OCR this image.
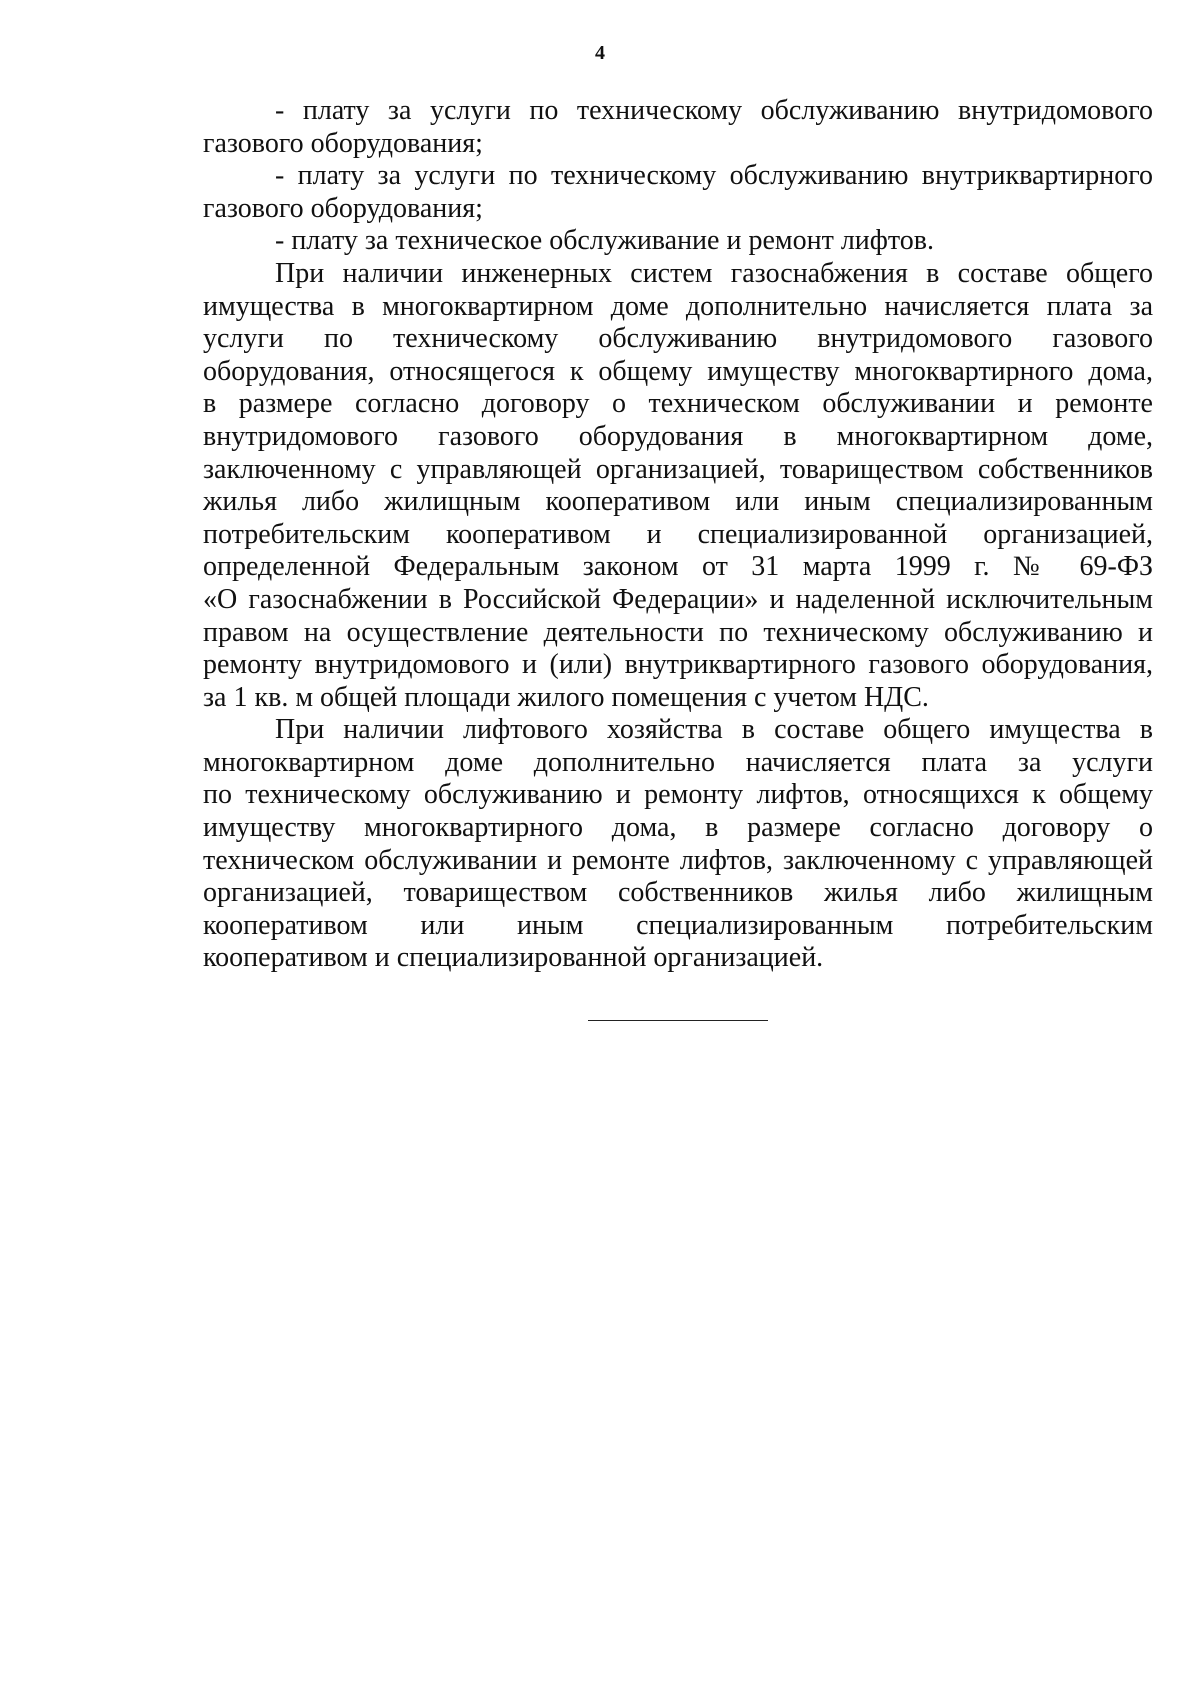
4
- плату за услуги по техническому обслуживанию внутридомового
газового оборудования;
- плату за услуги по техническому обслуживанию внутриквартирного
газового оборудования;
- плату за техническое обслуживание и ремонт лифтов.
При наличии инженерных систем газоснабжения в составе общего
имущества в многоквартирном доме дополнительно начисляется плата за
услуги по техническому обслуживанию внутридомового газового
оборудования, относящегося к общему имуществу многоквартирного дома,
в размере согласно договору о техническом обслуживании и ремонте
внутридомового газового оборудования в многоквартирном доме,
заключенному с управляющей организацией, товариществом собственников
жилья либо жилищным кооперативом или иным специализированным
потребительским кооперативом и специализированной организацией,
определенной Федеральным законом от 31 марта 1999 г. № 69-ФЗ
«О газоснабжении в Российской Федерации» и наделенной исключительным
правом на осуществление деятельности по техническому обслуживанию и
ремонту внутридомового и (или) внутриквартирного газового оборудования,
за 1 кв. м общей площади жилого помещения с учетом НДС.
При наличии лифтового хозяйства в составе общего имущества в
многоквартирном доме дополнительно начисляется плата за услуги
по техническому обслуживанию и ремонту лифтов, относящихся к общему
имуществу многоквартирного дома, в размере согласно договору о
техническом обслуживании и ремонте лифтов, заключенному с управляющей
организацией, товариществом собственников жилья либо жилищным
кооперативом или иным специализированным потребительским
кооперативом и специализированной организацией.
